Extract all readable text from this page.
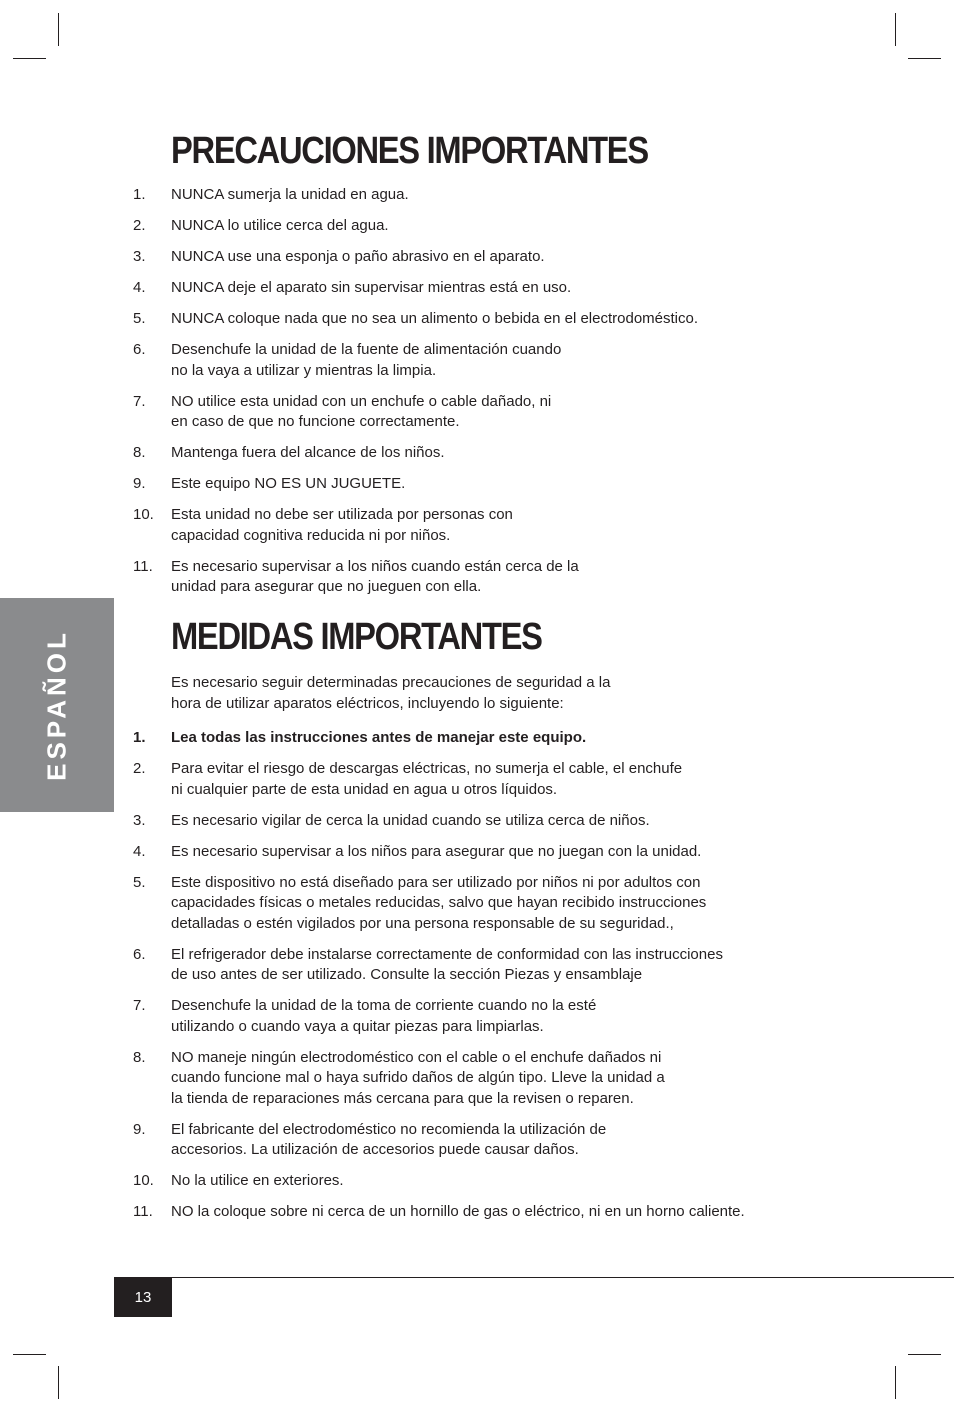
ESPAÑOL
PRECAUCIONES IMPORTANTES
1. NUNCA sumerja la unidad en agua.
2. NUNCA lo utilice cerca del agua.
3. NUNCA use una esponja o paño abrasivo en el aparato.
4. NUNCA deje el aparato sin supervisar mientras está en uso.
5. NUNCA coloque nada que no sea un alimento o bebida en el electrodoméstico.
6. Desenchufe la unidad de la fuente de alimentación cuando
no la vaya a utilizar y mientras la limpia.
7. NO utilice esta unidad con un enchufe o cable dañado, ni
en caso de que no funcione correctamente.
8. Mantenga fuera del alcance de los niños.
9. Este equipo NO ES UN JUGUETE.
10. Esta unidad no debe ser utilizada por personas con
capacidad cognitiva reducida ni por niños.
11. Es necesario supervisar a los niños cuando están cerca de la
unidad para asegurar que no jueguen con ella.
MEDIDAS IMPORTANTES

Es necesario seguir determinadas precauciones de seguridad a la
hora de utilizar aparatos eléctricos, incluyendo lo siguiente:

1. Lea todas las instrucciones antes de manejar este equipo.
2. Para evitar el riesgo de descargas eléctricas, no sumerja el cable, el enchufe
ni cualquier parte de esta unidad en agua u otros líquidos.
3. Es necesario vigilar de cerca la unidad cuando se utiliza cerca de niños.
4. Es necesario supervisar a los niños para asegurar que no juegan con la unidad.
5. Este dispositivo no está diseñado para ser utilizado por niños ni por adultos con
capacidades físicas o metales reducidas, salvo que hayan recibido instrucciones
detalladas o estén vigilados por una persona responsable de su seguridad.,
6. El refrigerador debe instalarse correctamente de conformidad con las instrucciones
de uso antes de ser utilizado. Consulte la sección Piezas y ensamblaje
7. Desenchufe la unidad de la toma de corriente cuando no la esté
utilizando o cuando vaya a quitar piezas para limpiarlas.
8. NO maneje ningún electrodoméstico con el cable o el enchufe dañados ni
cuando funcione mal o haya sufrido daños de algún tipo. Lleve la unidad a
la tienda de reparaciones más cercana para que la revisen o reparen.
9. El fabricante del electrodoméstico no recomienda la utilización de
accesorios. La utilización de accesorios puede causar daños.
10. No la utilice en exteriores.
11. NO la coloque sobre ni cerca de un hornillo de gas o eléctrico, ni en un horno caliente.
13
